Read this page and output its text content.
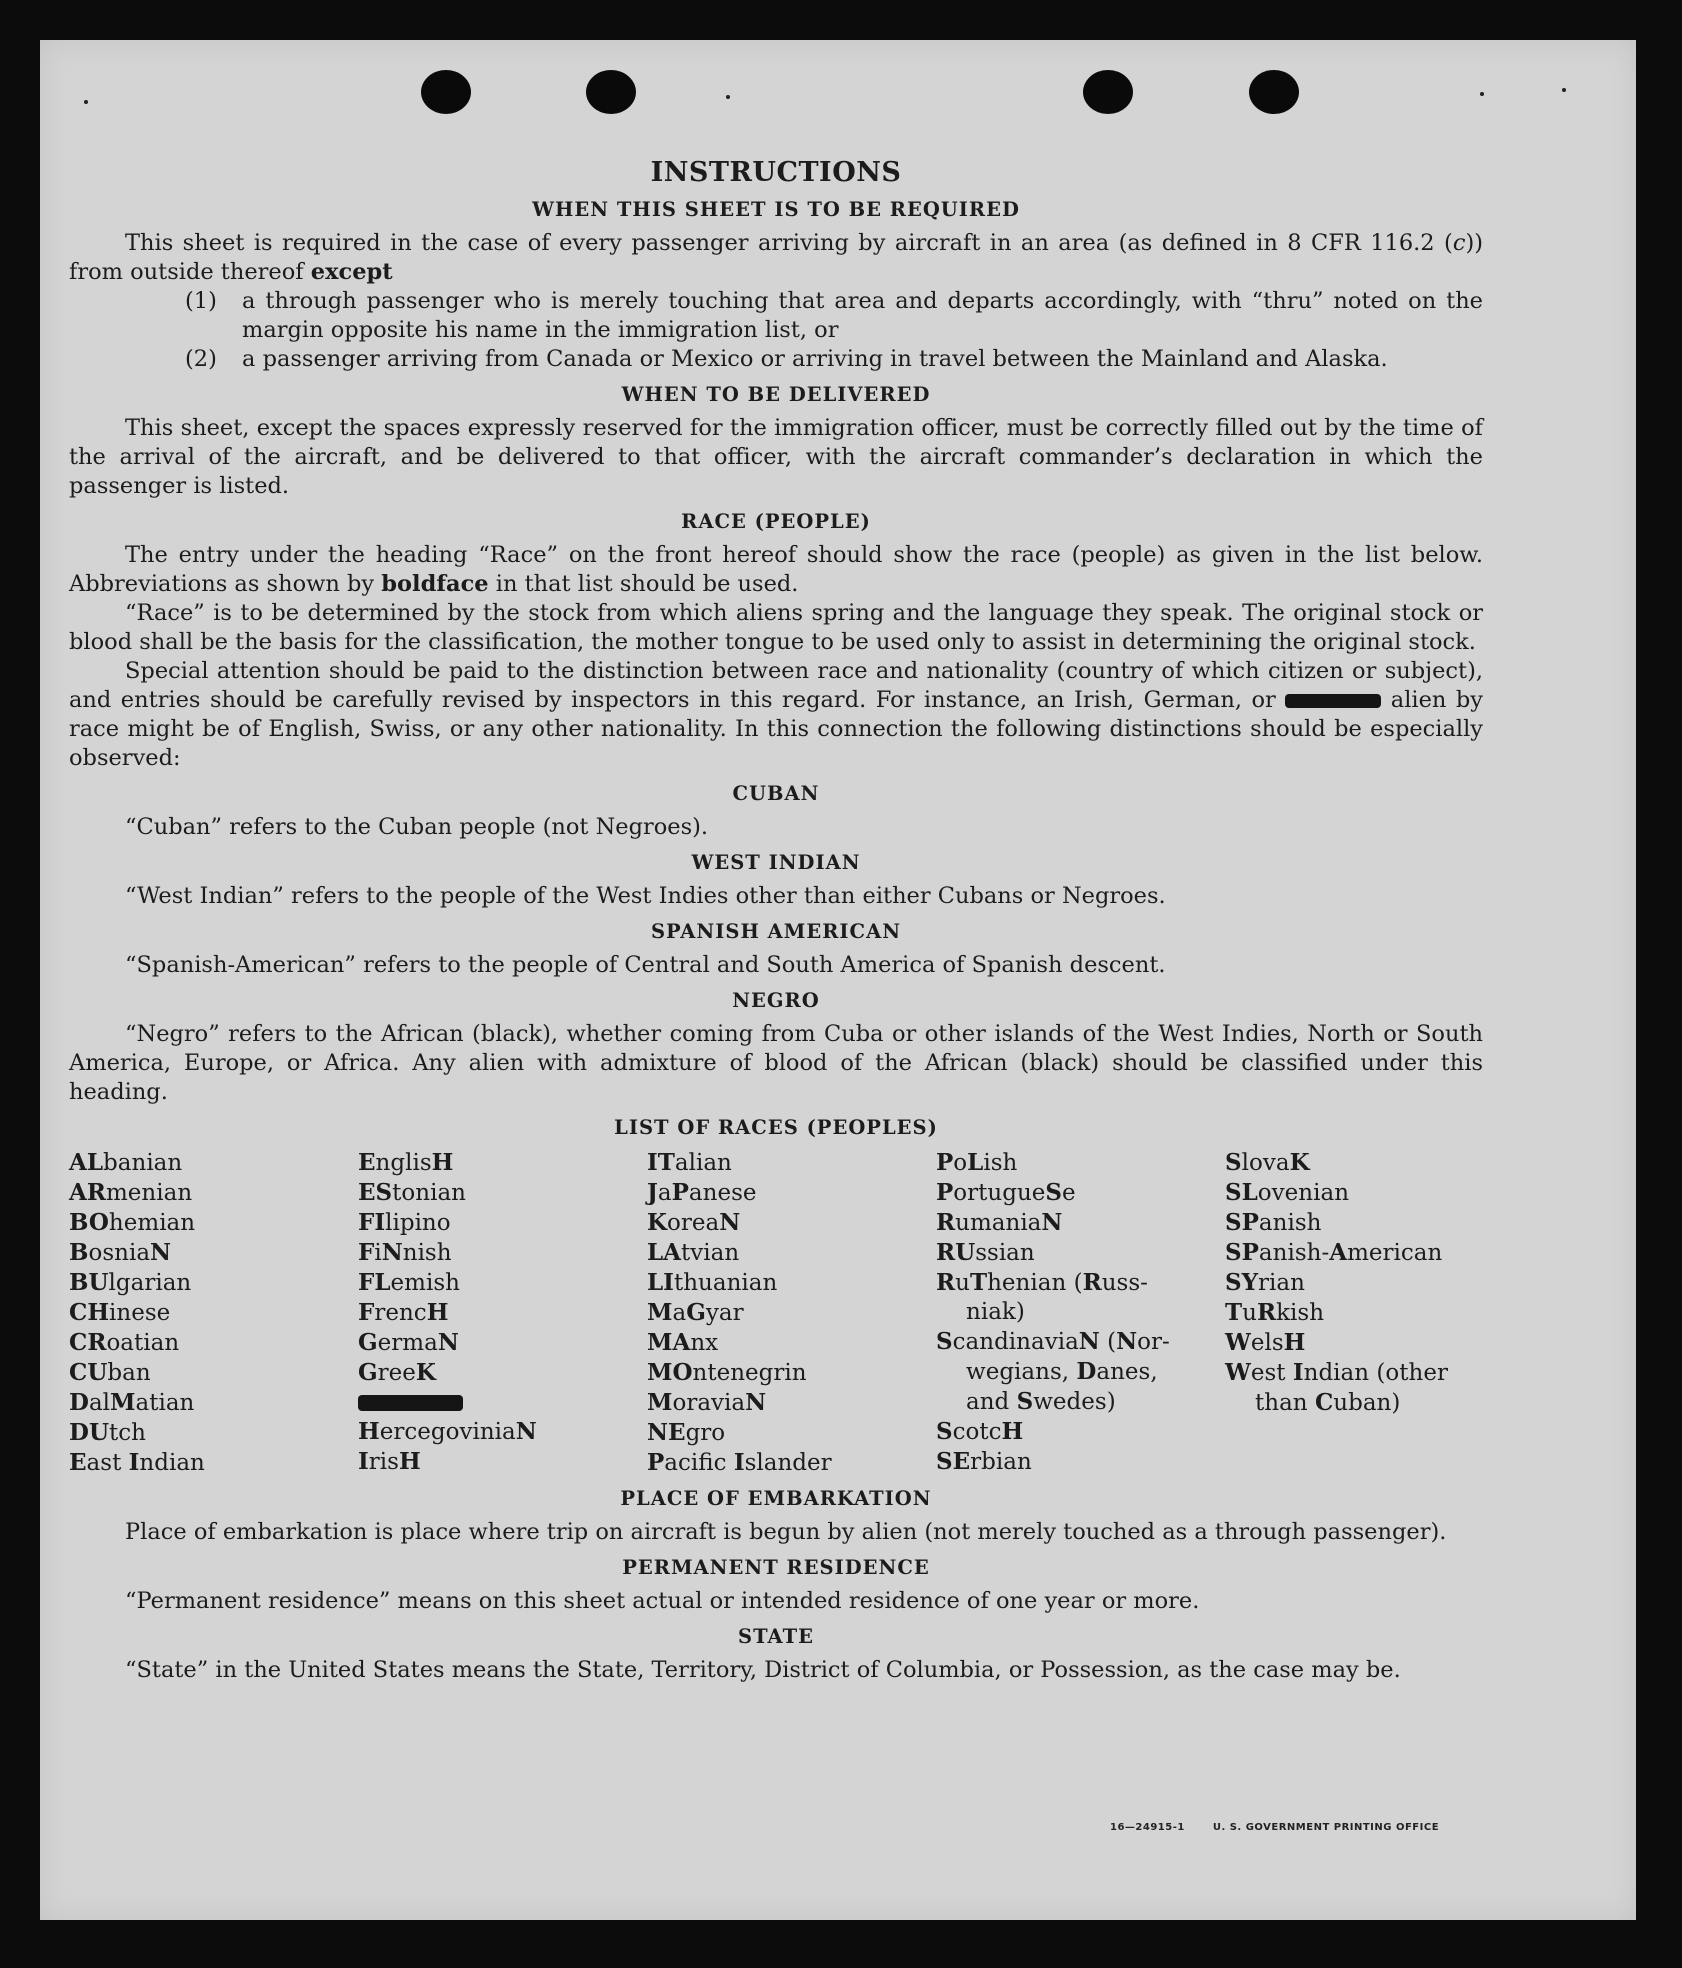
INSTRUCTIONS
WHEN THIS SHEET IS TO BE REQUIRED

This sheet is required in the case of every passenger arriving by aircraft in an area (as defined in 8 CFR 116.2 (c)) from outside thereof except

(1)	a through passenger who is merely touching that area and departs accordingly, with “thru” noted on the margin opposite his name in the immigration list, or
(2)	a passenger arriving from Canada or Mexico or arriving in travel between the Mainland and Alaska.
WHEN TO BE DELIVERED

This sheet, except the spaces expressly reserved for the immigration officer, must be correctly filled out by the time of the arrival of the aircraft, and be delivered to that officer, with the aircraft commander’s declaration in which the passenger is listed.

RACE (PEOPLE)

The entry under the heading “Race” on the front hereof should show the race (people) as given in the list below. Abbreviations as shown by boldface in that list should be used.

“Race” is to be determined by the stock from which aliens spring and the language they speak. The original stock or blood shall be the basis for the classification, the mother tongue to be used only to assist in determining the original stock.

Special attention should be paid to the distinction between race and nationality (country of which citizen or subject), and entries should be carefully revised by inspectors in this regard. For instance, an Irish, German, or	alien by race might be of English, Swiss, or any other nationality. In this connection the following distinctions should be especially observed:

CUBAN

“Cuban” refers to the Cuban people (not Negroes).

WEST INDIAN

“West Indian” refers to the people of the West Indies other than either Cubans or Negroes.

SPANISH AMERICAN

“Spanish-American” refers to the people of Central and South America of Spanish descent.

NEGRO

“Negro” refers to the African (black), whether coming from Cuba or other islands of the West Indies, North or South America, Europe, or Africa. Any alien with admixture of blood of the African (black) should be classified under this heading.

LIST OF RACES (PEOPLES)
ALbanian
ARmenian
BOhemian
BosniaN
BUlgarian
CHinese
CRoatian
CUban
DalMatian
DUtch
East Indian
EnglisH
EStonian
FIlipino
FiNnish
FLemish
FrencH
GermaN
GreeK
HercegoviniaN
IrisH
ITalian
JaPanese
KoreaN
LAtvian
LIthuanian
MaGyar
MAnx
MOntenegrin
MoraviaN
NEgro
Pacifc Islander
PoLish
PortugueSe
RumaniaN
RUssian
RuThenian (Russ-
niak)
ScandinaviaN (Nor-
wegians, Danes,
and Swedes)
ScotcH
SErbian
SlovaK
SLovenian
SPanish
SPanish-American
SYrian
TuRkish
WelsH
West Indian (other
than Cuban)
PLACE OF EMBARKATION

Place of embarkation is place where trip on aircraft is begun by alien (not merely touched as a through passenger).

PERMANENT RESIDENCE

“Permanent residence” means on this sheet actual or intended residence of one year or more.

STATE

“State” in the United States means the State, Territory, District of Columbia, or Possession, as the case may be.

16—24915-1	U. S. GOVERNMENT PRINTING OFFICE
